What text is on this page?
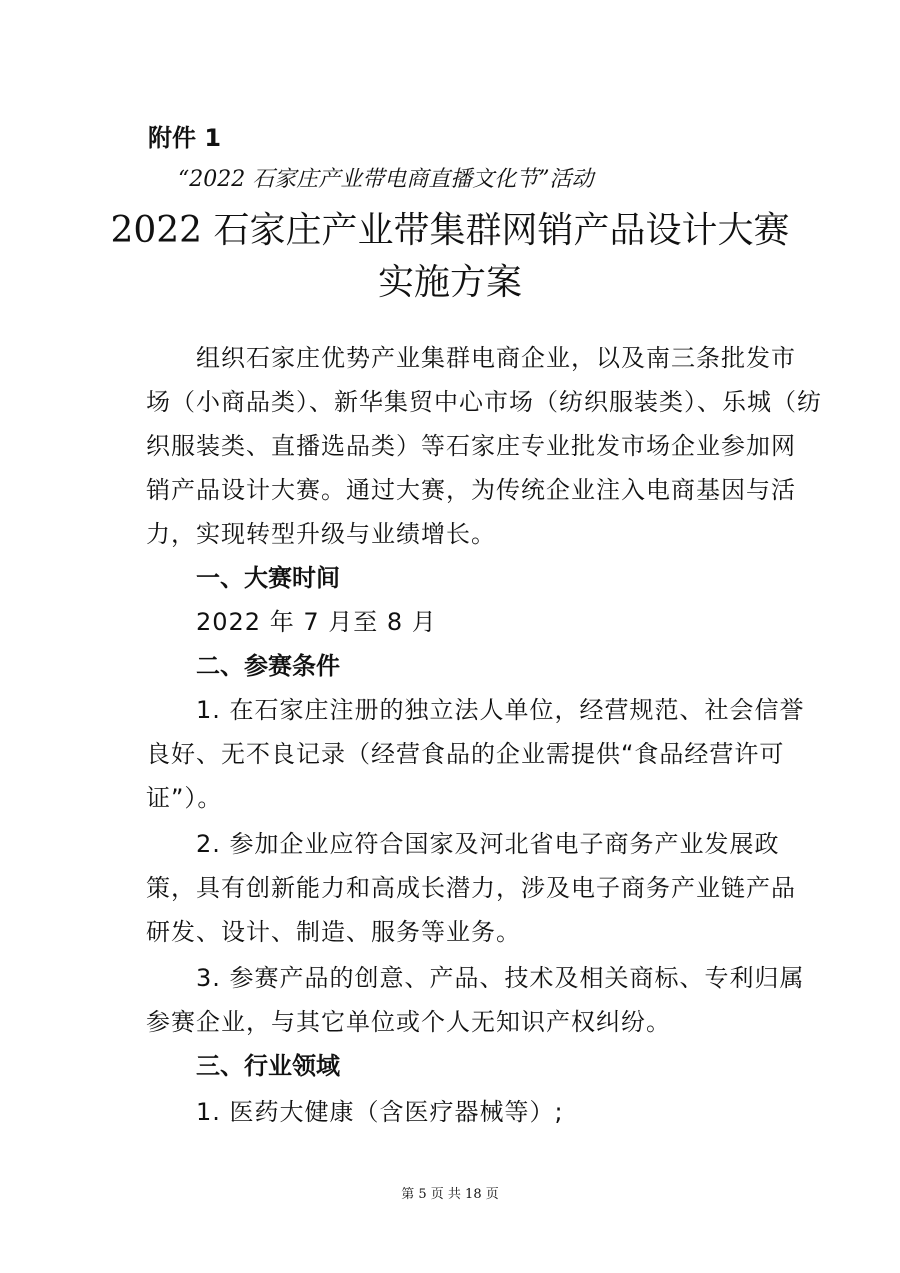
附件 1
“2022 石家庄产业带电商直播文化节”活动
2022 石家庄产业带集群网销产品设计大赛
实施方案
组织石家庄优势产业集群电商企业，以及南三条批发市
场（小商品类）、新华集贸中心市场（纺织服装类）、乐城（纺
织服装类、直播选品类）等石家庄专业批发市场企业参加网
销产品设计大赛。通过大赛，为传统企业注入电商基因与活
力，实现转型升级与业绩增长。
一、大赛时间
2022 年 7 月至 8 月
二、参赛条件
1. 在石家庄注册的独立法人单位，经营规范、社会信誉
良好、无不良记录（经营食品的企业需提供“食品经营许可
证”）。
2. 参加企业应符合国家及河北省电子商务产业发展政
策，具有创新能力和高成长潜力，涉及电子商务产业链产品
研发、设计、制造、服务等业务。
3. 参赛产品的创意、产品、技术及相关商标、专利归属
参赛企业，与其它单位或个人无知识产权纠纷。
三、行业领域
1. 医药大健康（含医疗器械等）;
第 5 页 共 18 页
